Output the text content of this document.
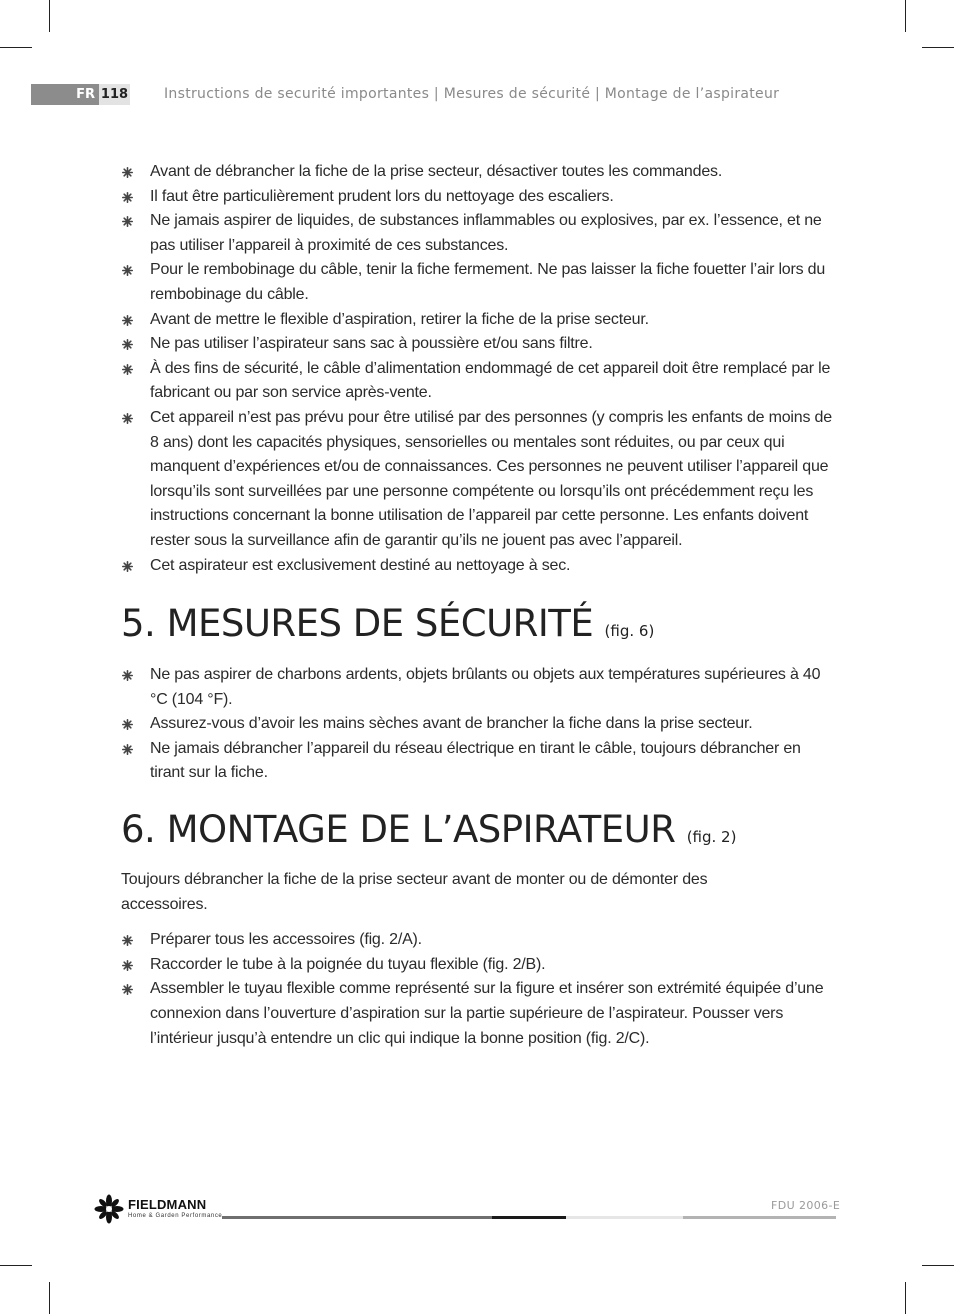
FR 118	Instructions de securité importantes | Mesures de sécurité | Montage de l’aspirateur
Avant de débrancher la fiche de la prise secteur, désactiver toutes les commandes.
Il faut être particulièrement prudent lors du nettoyage des escaliers.
Ne jamais aspirer de liquides, de substances inflammables ou explosives, par ex. l’essence, et ne pas utiliser l’appareil à proximité de ces substances.
Pour le rembobinage du câble, tenir la fiche fermement. Ne pas laisser la fiche fouetter l’air lors du rembobinage du câble.
Avant de mettre le flexible d’aspiration, retirer la fiche de la prise secteur.
Ne pas utiliser l’aspirateur sans sac à poussière et/ou sans filtre.
À des fins de sécurité, le câble d’alimentation endommagé de cet appareil doit être remplacé par le fabricant ou par son service après-vente.
Cet appareil n’est pas prévu pour être utilisé par des personnes (y compris les enfants de moins de 8 ans) dont les capacités physiques, sensorielles ou mentales sont réduites, ou par ceux qui manquent d’expériences et/ou de connaissances. Ces personnes ne peuvent utiliser l’appareil que lorsqu’ils sont surveillées par une personne compétente ou lorsqu’ils ont précédemment reçu les instructions concernant la bonne utilisation de l’appareil par cette personne. Les enfants doivent rester sous la surveillance afin de garantir qu’ils ne jouent pas avec l’appareil.
Cet aspirateur est exclusivement destiné au nettoyage à sec.
5. MESURES DE SÉCURITÉ (fig. 6)
Ne pas aspirer de charbons ardents, objets brûlants ou objets aux températures supérieures à 40 °C (104 °F).
Assurez-vous d’avoir les mains sèches avant de brancher la fiche dans la prise secteur.
Ne jamais débrancher l’appareil du réseau électrique en tirant le câble, toujours débrancher en tirant sur la fiche.
6. MONTAGE DE L’ASPIRATEUR (fig. 2)

Toujours débrancher la fiche de la prise secteur avant de monter ou de démonter des accessoires.

Préparer tous les accessoires (fig. 2/A).
Raccorder le tube à la poignée du tuyau flexible (fig. 2/B).
Assembler le tuyau flexible comme représenté sur la figure et insérer son extrémité équipée d’une connexion dans l’ouverture d’aspiration sur la partie supérieure de l’aspirateur. Pousser vers l’intérieur jusqu’à entendre un clic qui indique la bonne position (fig. 2/C).
FIELDMANN
Home & Garden Performance
FDU 2006-E
